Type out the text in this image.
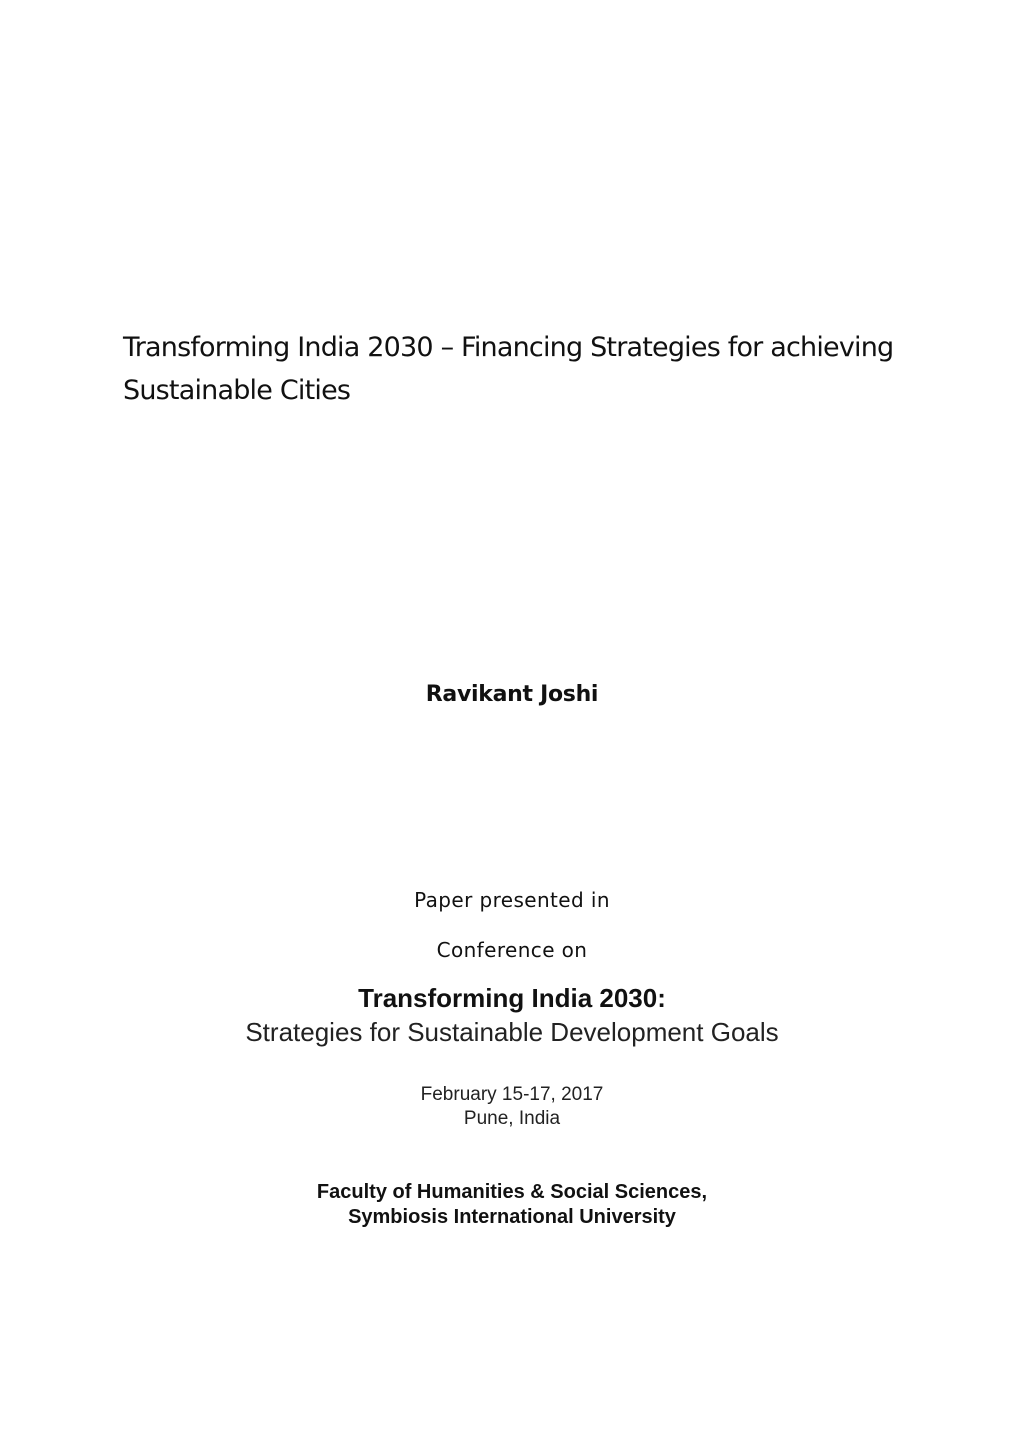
Transforming India 2030 – Financing Strategies for achieving
Sustainable Cities
Ravikant Joshi
Paper presented in
Conference on
Transforming India 2030:
Strategies for Sustainable Development Goals
February 15-17, 2017
Pune, India
Faculty of Humanities & Social Sciences,
Symbiosis International University
